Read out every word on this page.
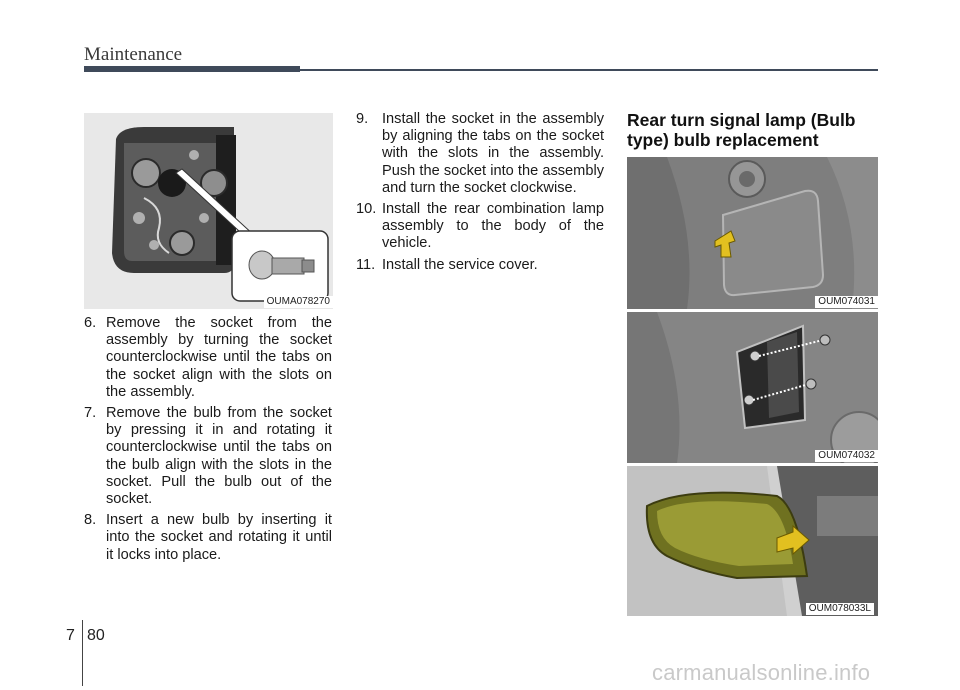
Maintenance
OUMA078270
6. Remove the socket from the assembly by turning the socket counterclockwise until the tabs on the socket align with the slots on the assembly.
7. Remove the bulb from the socket by pressing it in and rotating it counterclockwise until the tabs on the bulb align with the slots in the socket. Pull the bulb out of the socket.
8. Insert a new bulb by inserting it into the socket and rotating it until it locks into place.
9. Install the socket in the assembly by aligning the tabs on the socket with the slots in the assembly. Push the socket into the assembly and turn the socket clockwise.
10. Install the rear combination lamp assembly to the body of the vehicle.
11. Install the service cover.
Rear turn signal lamp (Bulb type) bulb replacement
OUM074031
OUM074032
OUM078033L
7 80
carmanualsonline.info
